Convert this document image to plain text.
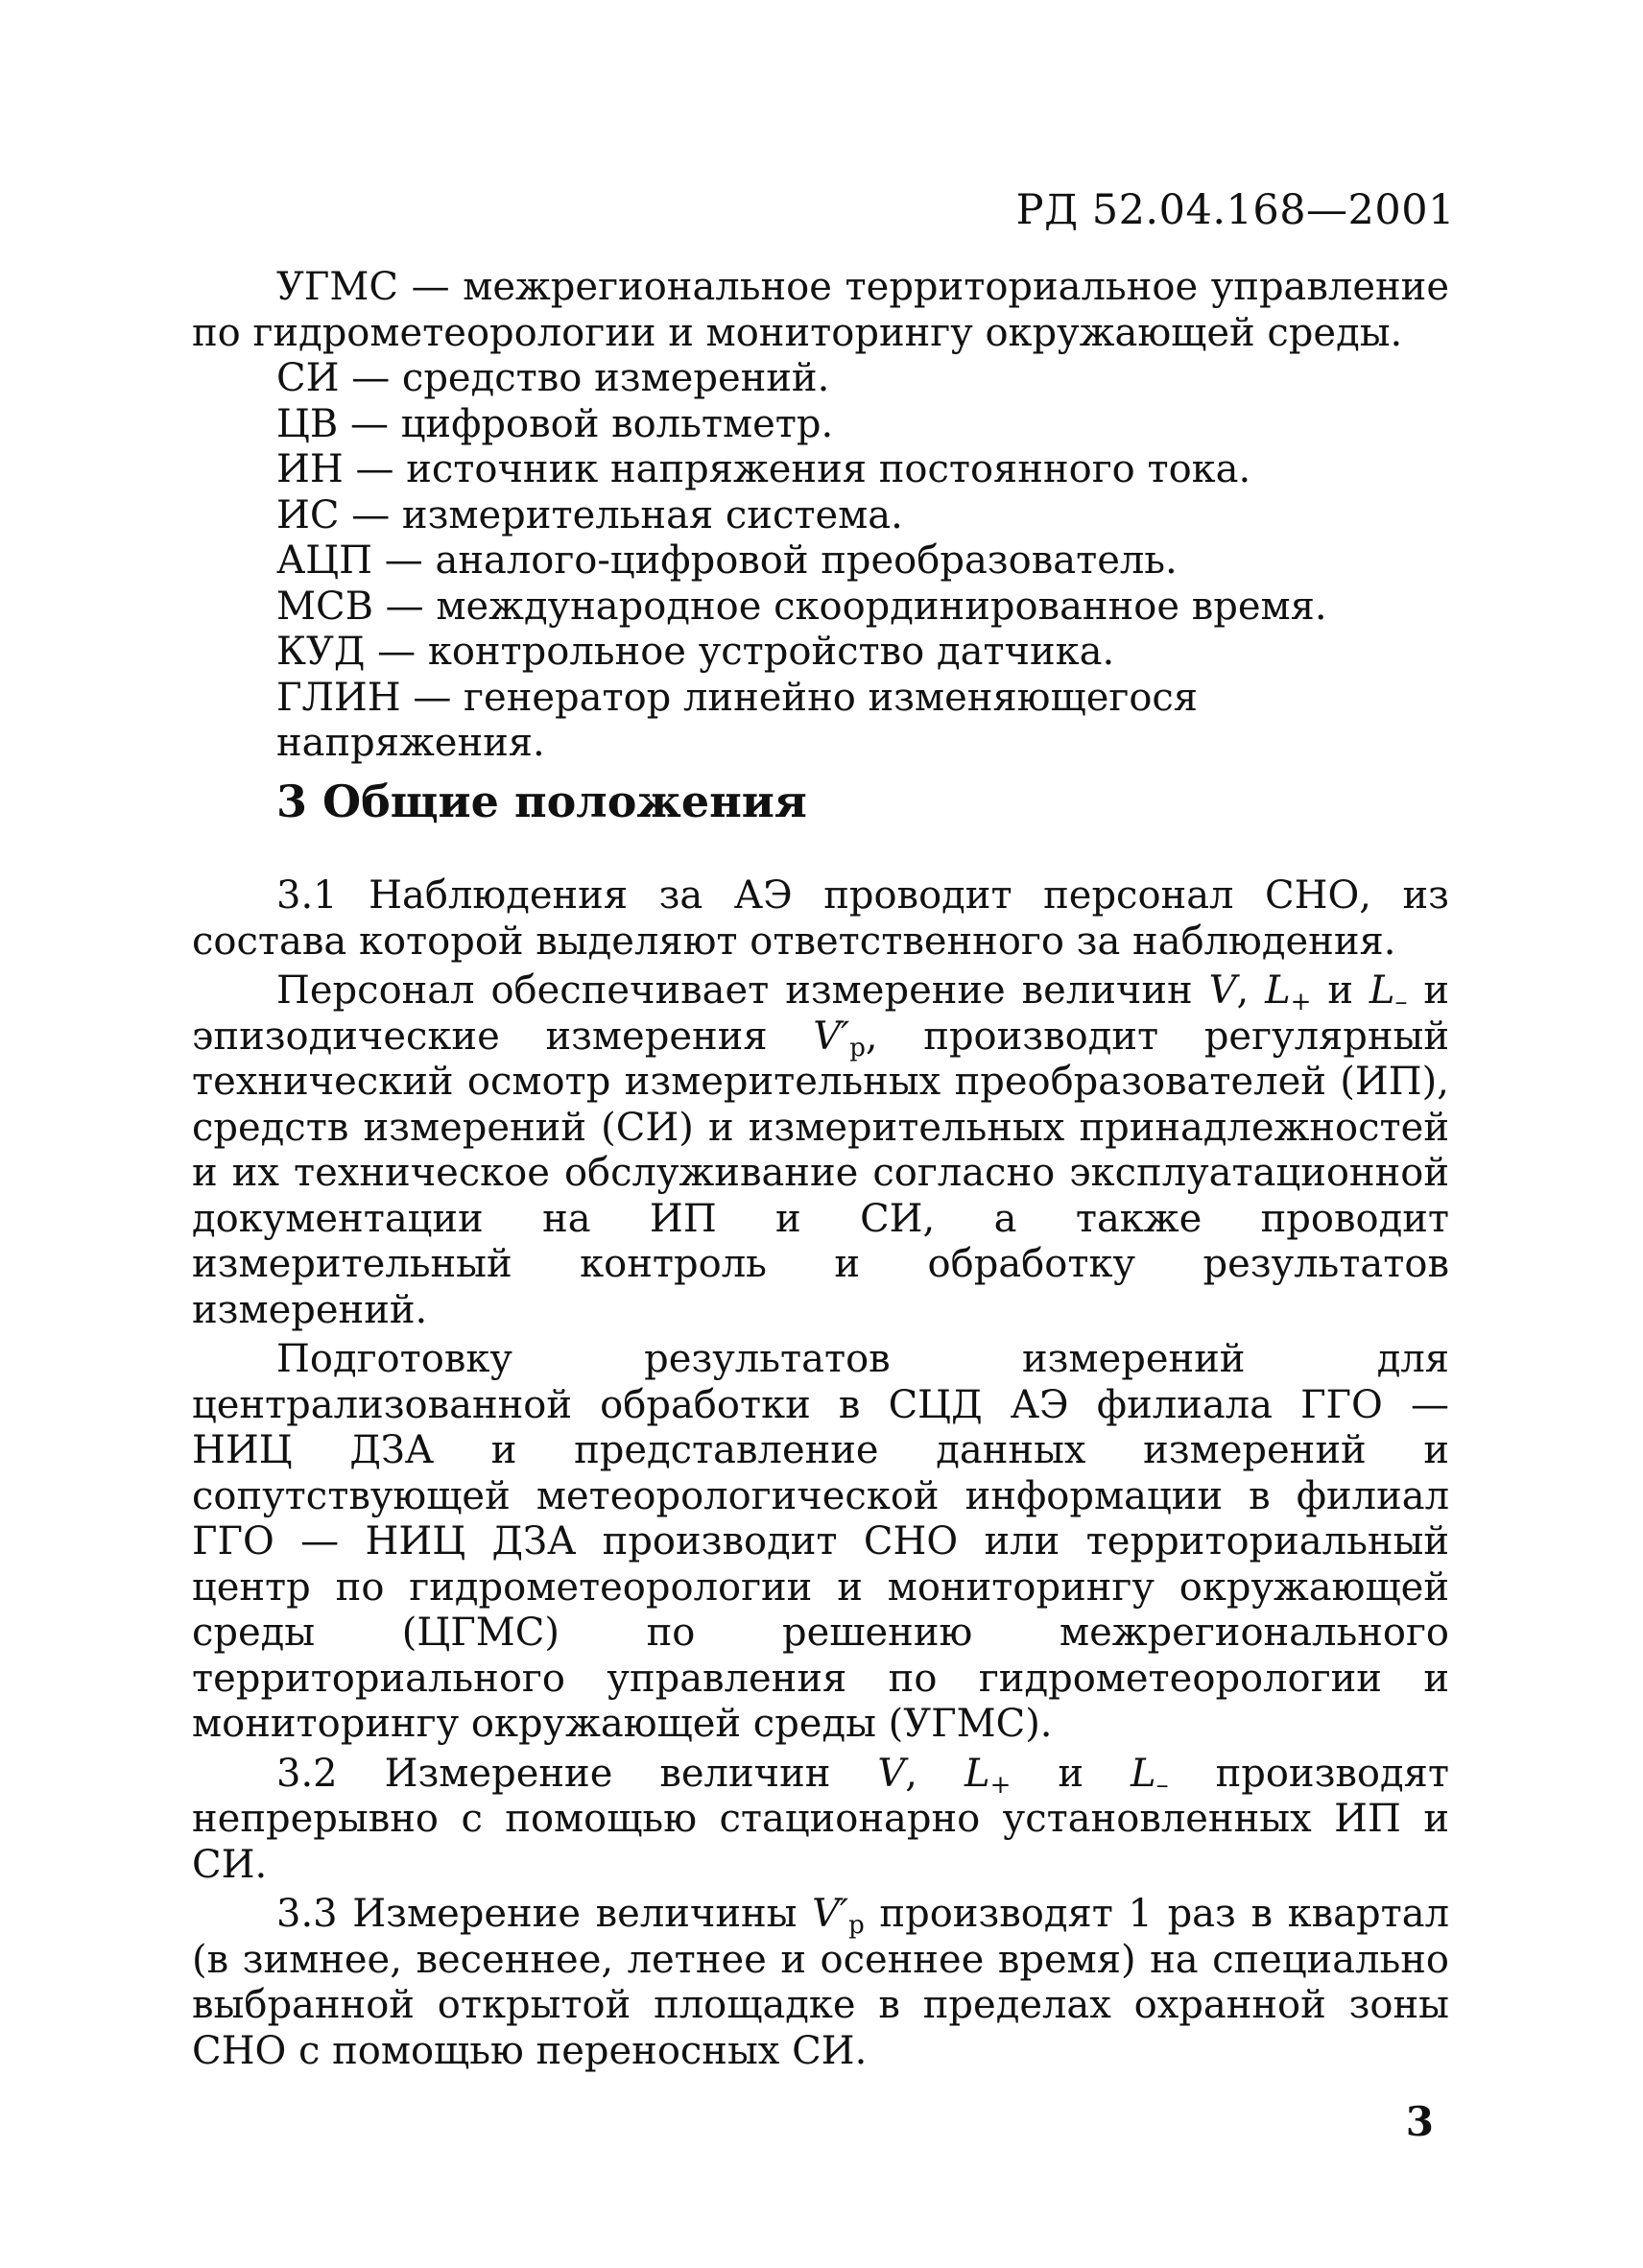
РД 52.04.168—2001

УГМС — межрегиональное территориальное управление по гидрометеорологии и мониторингу окружающей среды.

СИ — средство измерений.

ЦВ — цифровой вольтметр.

ИН — источник напряжения постоянного тока.

ИС — измерительная система.

АЦП — аналого-цифровой преобразователь.

МСВ — международное скоординированное время.

КУД — контрольное устройство датчика.

ГЛИН — генератор линейно изменяющегося напряжения.

3 Общие положения

3.1 Наблюдения за АЭ проводит персонал СНО, из состава которой выделяют ответственного за наблюдения.

Персонал обеспечивает измерение величин V, $L_+$ и $L_-$ и эпизодические измерения $V'_р$, производит регулярный технический осмотр измерительных преобразователей (ИП), средств измерений (СИ) и измерительных принадлежностей и их техническое обслуживание согласно эксплуатационной документации на ИП и СИ, а также проводит измерительный контроль и обработку результатов измерений.

Подготовку результатов измерений для централизованной обработки в СЦД АЭ филиала ГГО — НИЦ ДЗА и представление данных измерений и сопутствующей метеорологической информации в филиал ГГО — НИЦ ДЗА производит СНО или территориальный центр по гидрометеорологии и мониторингу окружающей среды (ЦГМС) по решению межрегионального территориального управления по гидрометеорологии и мониторингу окружающей среды (УГМС).

3.2 Измерение величин V, $L_+$ и $L_-$ производят непрерывно с помощью стационарно установленных ИП и СИ.

3.3 Измерение величины $V'_р$ производят 1 раз в квартал (в зимнее, весеннее, летнее и осеннее время) на специально выбранной открытой площадке в пределах охранной зоны СНО с помощью переносных СИ.

3
